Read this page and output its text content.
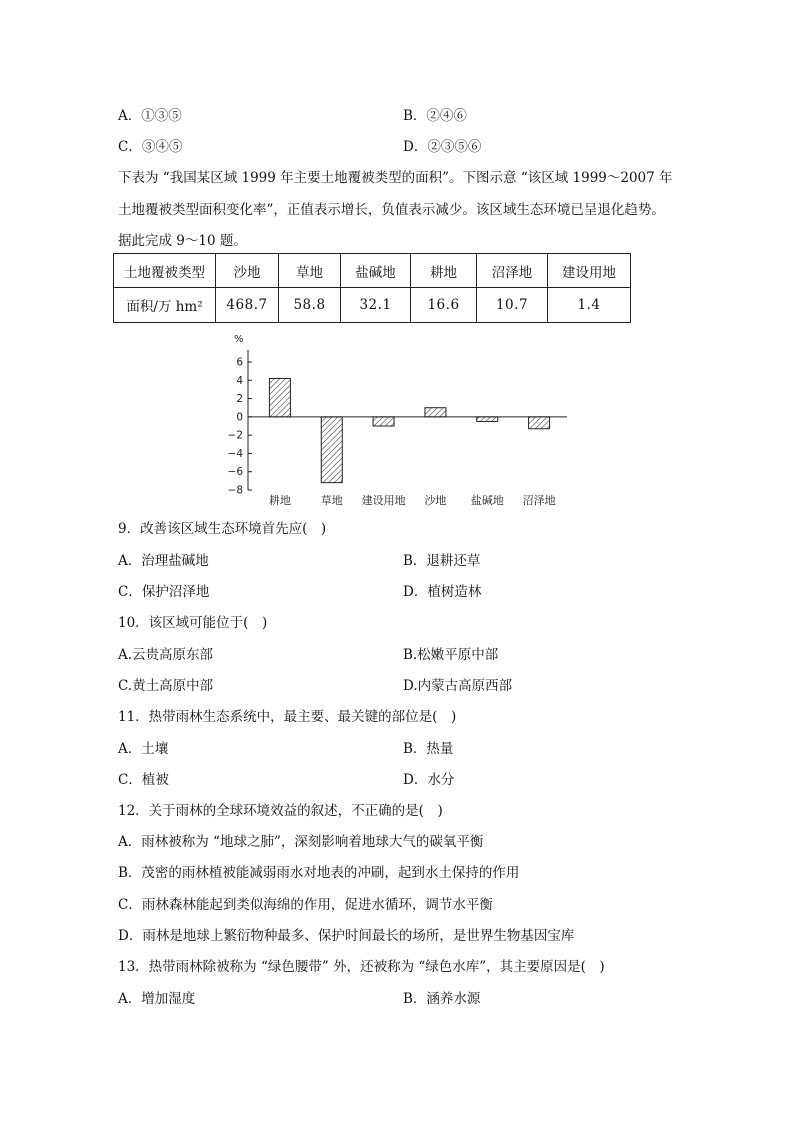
A．①③⑤	B．②④⑥
C．③④⑤	D．②③⑤⑥
下表为 “我国某区域 1999 年主要土地覆被类型的面积”。下图示意 “该区域 1999～2007 年
土地覆被类型面积变化率”，正值表示增长，负值表示减少。该区域生态环境已呈退化趋势。
据此完成 9～10 题。
土地覆被类型	沙地	草地	盐碱地	耕地	沼泽地	建设用地
面积/万 hm²	468.7	58.8	32.1	16.6	10.7	1.4
%
6
4
2
0
−2
−4
−6
−8
耕地	草地 建设用地 沙地 盐碱地 沼泽地
9．改善该区域生态环境首先应(　)
A．治理盐碱地	B．退耕还草
C．保护沼泽地	D．植树造林
10．该区域可能位于(　)
A.云贵高原东部	B.松嫩平原中部
C.黄土高原中部	D.内蒙古高原西部
11．热带雨林生态系统中，最主要、最关键的部位是(　)
A．土壤	B．热量
C．植被	D．水分
12．关于雨林的全球环境效益的叙述，不正确的是(　)
A．雨林被称为 “地球之肺”，深刻影响着地球大气的碳氧平衡
B．茂密的雨林植被能减弱雨水对地表的冲刷，起到水土保持的作用
C．雨林森林能起到类似海绵的作用，促进水循环，调节水平衡
D．雨林是地球上繁衍物种最多、保护时间最长的场所，是世界生物基因宝库
13．热带雨林除被称为 “绿色腰带” 外，还被称为 “绿色水库”，其主要原因是(　)
A．增加湿度	B．涵养水源
